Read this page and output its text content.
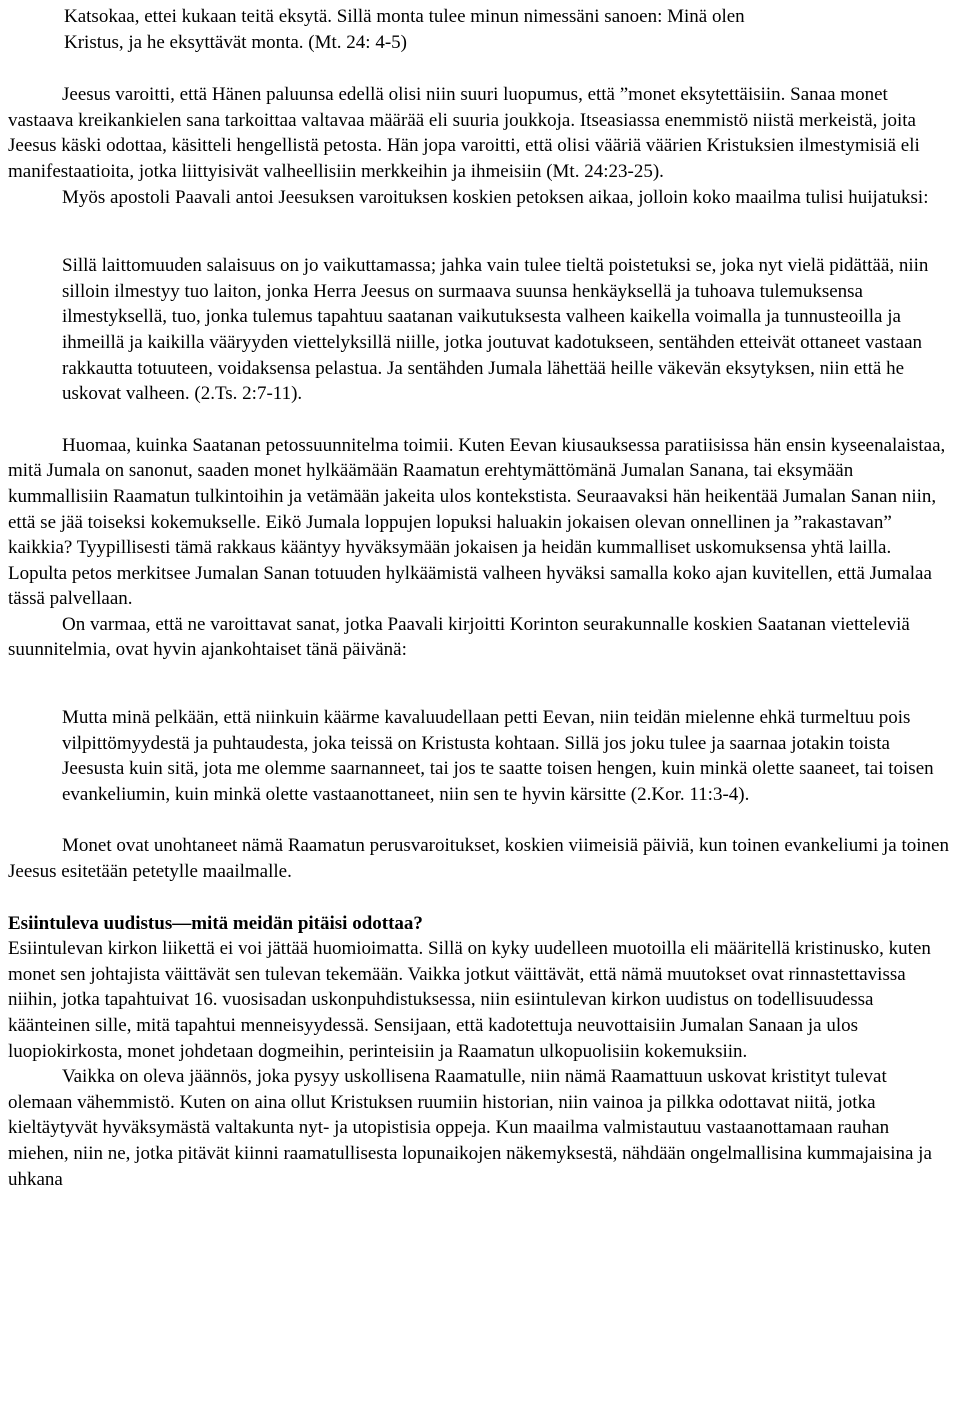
Katsokaa, ettei kukaan teitä eksytä. Sillä monta tulee minun nimessäni sanoen: Minä olen

Kristus, ja he eksyttävät monta. (Mt. 24: 4-5)

Jeesus varoitti, että Hänen paluunsa edellä olisi niin suuri luopumus, että ”monet eksytettäisiin. Sanaa monet vastaava kreikankielen sana tarkoittaa valtavaa määrää eli suuria joukkoja. Itseasiassa enemmistö niistä merkeistä, joita Jeesus käski odottaa, käsitteli hengellistä petosta. Hän jopa varoitti, että olisi vääriä väärien Kristuksien ilmestymisiä eli manifestaatioita, jotka liittyisivät valheellisiin merkkeihin ja ihmeisiin (Mt. 24:23-25).

Myös apostoli Paavali antoi Jeesuksen varoituksen koskien petoksen aikaa, jolloin koko maailma tulisi huijatuksi:

Sillä laittomuuden salaisuus on jo vaikuttamassa; jahka vain tulee tieltä poistetuksi se, joka nyt vielä pidättää, niin silloin ilmestyy tuo laiton, jonka Herra Jeesus on surmaava suunsa henkäyksellä ja tuhoava tulemuksensa ilmestyksellä, tuo, jonka tulemus tapahtuu saatanan vaikutuksesta valheen kaikella voimalla ja tunnusteoilla ja ihmeillä ja kaikilla vääryyden viettelyksillä niille, jotka joutuvat kadotukseen, sentähden etteivät ottaneet vastaan rakkautta totuuteen, voidaksensa pelastua. Ja sentähden Jumala lähettää heille väkevän eksytyksen, niin että he uskovat valheen. (2.Ts. 2:7-11).

Huomaa, kuinka Saatanan petossuunnitelma toimii. Kuten Eevan kiusauksessa paratiisissa hän ensin kyseenalaistaa, mitä Jumala on sanonut, saaden monet hylkäämään Raamatun erehtymättömänä Jumalan Sanana, tai eksymään kummallisiin Raamatun tulkintoihin ja vetämään jakeita ulos kontekstista. Seuraavaksi hän heikentää Jumalan Sanan niin, että se jää toiseksi kokemukselle. Eikö Jumala loppujen lopuksi haluakin jokaisen olevan onnellinen ja ”rakastavan” kaikkia? Tyypillisesti tämä rakkaus kääntyy hyväksymään jokaisen ja heidän kummalliset uskomuksensa yhtä lailla. Lopulta petos merkitsee Jumalan Sanan totuuden hylkäämistä valheen hyväksi samalla koko ajan kuvitellen, että Jumalaa tässä palvellaan.

On varmaa, että ne varoittavat sanat, jotka Paavali kirjoitti Korinton seurakunnalle koskien Saatanan vietteleviä suunnitelmia, ovat hyvin ajankohtaiset tänä päivänä:

Mutta minä pelkään, että niinkuin käärme kavaluudellaan petti Eevan, niin teidän mielenne ehkä turmeltuu pois vilpittömyydestä ja puhtaudesta, joka teissä on Kristusta kohtaan. Sillä jos joku tulee ja saarnaa jotakin toista Jeesusta kuin sitä, jota me olemme saarnanneet, tai jos te saatte toisen hengen, kuin minkä olette saaneet, tai toisen evankeliumin, kuin minkä olette vastaanottaneet, niin sen te hyvin kärsitte (2.Kor. 11:3-4).

Monet ovat unohtaneet nämä Raamatun perusvaroitukset, koskien viimeisiä päiviä, kun toinen evankeliumi ja toinen Jeesus esitetään petetylle maailmalle.

Esiintuleva uudistus—mitä meidän pitäisi odottaa?

Esiintulevan kirkon liikettä ei voi jättää huomioimatta. Sillä on kyky uudelleen muotoilla eli määritellä kristinusko, kuten monet sen johtajista väittävät sen tulevan tekemään. Vaikka jotkut väittävät, että nämä muutokset ovat rinnastettavissa niihin, jotka tapahtuivat 16. vuosisadan uskonpuhdistuksessa, niin esiintulevan kirkon uudistus on todellisuudessa käänteinen sille, mitä tapahtui menneisyydessä. Sensijaan, että kadotettuja neuvottaisiin Jumalan Sanaan ja ulos luopiokirkosta, monet johdetaan dogmeihin, perinteisiin ja Raamatun ulkopuolisiin kokemuksiin.

Vaikka on oleva jäännös, joka pysyy uskollisena Raamatulle, niin nämä Raamattuun uskovat kristityt tulevat olemaan vähemmistö. Kuten on aina ollut Kristuksen ruumiin historian, niin vainoa ja pilkka odottavat niitä, jotka kieltäytyvät hyväksymästä valtakunta nyt- ja utopistisia oppeja. Kun maailma valmistautuu vastaanottamaan rauhan miehen, niin ne, jotka pitävät kiinni raamatullisesta lopunaikojen näkemyksestä, nähdään ongelmallisina kummajaisina ja uhkana
